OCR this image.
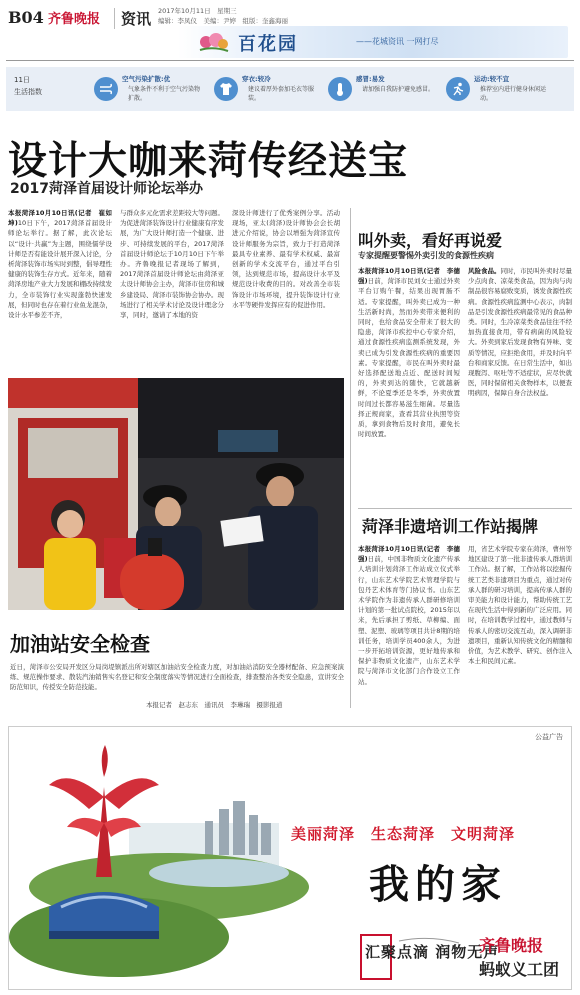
B04 齐鲁晚报	资讯 2017年10月11日　星期三
编辑：李凤仪　美编：尹婷　组版：奎鑫海丽
百花园	——花城资讯 一网打尽
11日
生活指数
空气污染扩散:优
气象条件不利于空气污染物扩散。
穿衣:较冷
建议着厚外套加毛衣等服装。
感冒:易发
请加强自我防护避免感冒。
运动:较不宜
推荐室内进行健身休闲运动。
设计大咖来菏传经送宝
2017菏泽首届设计师论坛举办
本报菏泽10月10日讯(记者　崔如坤)10日下午，2017菏泽首届设计师论坛举行。据了解，此次论坛以“设计·共赢”为主题，围绕儒学设计师是否有能设计展开深入讨论，分析菏泽装饰市场实时到整，倡导理性健康的装饰生存方式。近年来，随着菏泽房地产业大力发展和棚改持续发力，全市装饰行业实现蓬勃快速发展，但同时也存在着行业鱼龙混杂，设计水平参差不齐，
与群众多元化需求差距较大等问题。为促进菏泽装饰设计行业健康有序发展，为广大设计师打造一个健康、进步、可持续发展的平台，2017菏泽首届设计师论坛于10月10日下午举办。齐鲁晚报记者现场了解到，2017菏泽首届设计师论坛由菏泽亚太设计师协会主办，菏泽市住房和城乡建设局、菏泽市装饰协会协办。现场进行了相关学术讨论及设计理念分享，同时，邀请了本地的资
深设计师进行了优秀案例分享。活动现场，亚太(菏泽)设计师协会会长胡进元介绍说，协会以增强为菏泽宣传设计师服务为宗旨，致力于打造菏泽最具专业素养、最有学术权威、最富创新的学术交流平台，通过平台引领，达到规范市场，提高设计水平及规范设计收费的目的。对改善全市装饰设计市场环境，提升装饰设计行业水平等硬件发挥应有的促进作用。
叫外卖，看好再说爱
专家提醒要警惕外卖引发的食源性疾病
本报菏泽10月10日讯(记者　李德强)日前，菏泽市民刘女士通过外卖平台订购午餐，结果出现胃肠不适。专家提醒，叫外卖已成为一种生活新时尚，然而外卖带来便利的同时，也给食品安全带来了很大的隐患，菏泽市疾控中心专家介绍，通过食源性疾病监测系统发现，外卖已成为引发食源性疾病的重要因素。专家提醒，市民在叫外卖时最好选择配送地点近、配送时间短的，外卖到达的随快，它就越新鲜，不论夏季还是冬季，外卖放置时间过长都容易滋生细菌。尽量选择正规商家，查看其营业执照等资质，拿到食物后及时食用，避免长时间放置。
风险食品。同时，市民叫外卖时尽量少点肉食、凉菜类食品，因为肉与肉制品很容易腐败变质，诱发食源性疾病。食源性疾病监测中心表示，肉制品是引发食源性疾病最常见的食品种类。同时，生冷凉菜类食品往往不经加热直接食用，带有病菌的风险较大。外卖到家后发现食物有异味、变质等情况，应拒绝食用，并及时向平台和商家反馈。在日常生活中，如出现腹泻、呕吐等不适症状，应尽快就医，同时保留相关食物样本，以便查明病因，保障自身合法权益。
菏泽非遗培训工作站揭牌
本报菏泽10月10日讯(记者　李德强)日前，中国非物质文化遗产传承人培训计划菏泽工作站成立仪式举行，山东艺术学院艺术管理学院与包丹艺术体育等门协议书。山东艺术学院作为非遗传承人群研修培训计划的第一批试点院校，2015年以来，先后承担了剪纸、草柳编、面塑、泥塑、玻璃等项目共计8期的培训任务，培训学员400余人，为进一步开拓培训资源，更好地传承和保护非物质文化遗产，山东艺术学院与菏泽市文化部门合作设立工作站。
用，省艺术学院专家在菏泽，曹州等地区建设了第一批非遗传承人群培训工作站。据了解，工作站将以挖掘传统工艺类非遗项目为重点，通过对传承人群的研习培训，提高传承人群的审美能力和设计能力，帮助传统工艺在现代生活中得到新的广泛应用。同时，在培训教学过程中，通过教师与传承人的密切交流互动，深入调研非遗项目，重新认知传统文化的精髓和价值，为艺术教学、研究、创作注入本土和民间元素。
加油站安全检查
近日，菏泽市公安局开发区分局岗堤镇派出所对辖区加油站安全检查力度，对加油站消防安全器材配备、应急预案演练、规范操作要求、散装汽油销售实名登记和安全制度落实等情况进行全面检查，排查整治各类安全隐患，宣讲安全防范知识，传授安全防范技能。
本报记者　赵志东　通讯员　李琳瑞　摄影报道
公益广告
美丽菏泽　生态菏泽　文明菏泽
我的家
汇聚点滴 润物无声
齐鲁晚报
蚂蚁义工团
